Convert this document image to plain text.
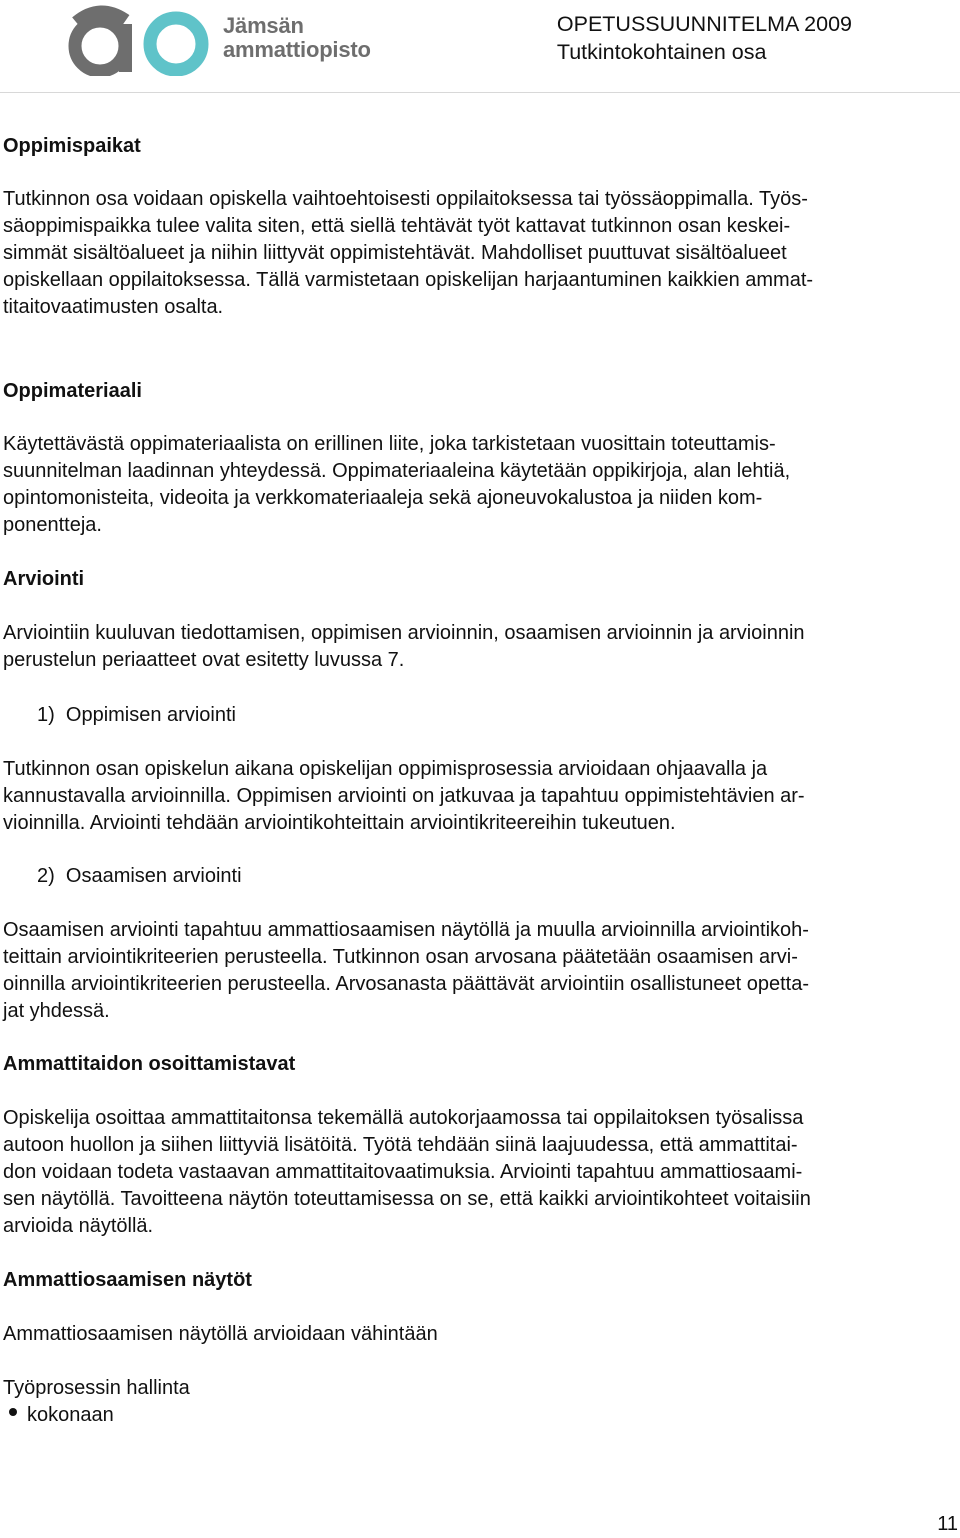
Jämsän
ammattiopisto
OPETUSSUUNNITELMA 2009
Tutkintokohtainen osa

Oppimispaikat

Tutkinnon osa voidaan opiskella vaihtoehtoisesti oppilaitoksessa tai työssäoppimalla. Työs-

säoppimispaikka tulee valita siten, että siellä tehtävät työt kattavat tutkinnon osan keskei-

simmät sisältöalueet ja niihin liittyvät oppimistehtävät. Mahdolliset puuttuvat sisältöalueet

opiskellaan oppilaitoksessa. Tällä varmistetaan opiskelijan harjaantuminen kaikkien ammat-

titaitovaatimusten osalta.

Oppimateriaali

Käytettävästä oppimateriaalista on erillinen liite, joka tarkistetaan vuosittain toteuttamis-

suunnitelman laadinnan yhteydessä. Oppimateriaaleina käytetään oppikirjoja, alan lehtiä,

opintomonisteita, videoita ja verkkomateriaaleja sekä ajoneuvokalustoa ja niiden kom-

ponentteja.

Arviointi

Arviointiin kuuluvan tiedottamisen, oppimisen arvioinnin, osaamisen arvioinnin ja arvioinnin

perustelun periaatteet ovat esitetty luvussa 7.

1)  Oppimisen arviointi

Tutkinnon osan opiskelun aikana opiskelijan oppimisprosessia arvioidaan ohjaavalla ja

kannustavalla arvioinnilla. Oppimisen arviointi on jatkuvaa ja tapahtuu oppimistehtävien ar-

vioinnilla. Arviointi tehdään arviointikohteittain arviointikriteereihin tukeutuen.

2)  Osaamisen arviointi

Osaamisen arviointi tapahtuu ammattiosaamisen näytöllä ja muulla arvioinnilla arviointikoh-

teittain arviointikriteerien perusteella. Tutkinnon osan arvosana päätetään osaamisen arvi-

oinnilla arviointikriteerien perusteella. Arvosanasta päättävät arviointiin osallistuneet opetta-

jat yhdessä.

Ammattitaidon osoittamistavat

Opiskelija osoittaa ammattitaitonsa tekemällä autokorjaamossa tai oppilaitoksen työsalissa

autoon huollon ja siihen liittyviä lisätöitä. Työtä tehdään siinä laajuudessa, että ammattitai-

don voidaan todeta vastaavan ammattitaitovaatimuksia. Arviointi tapahtuu ammattiosaami-

sen näytöllä. Tavoitteena näytön toteuttamisessa on se, että kaikki arviointikohteet voitaisiin

arvioida näytöllä.

Ammattiosaamisen näytöt

Ammattiosaamisen näytöllä arvioidaan vähintään

Työprosessin hallinta

kokonaan

11
